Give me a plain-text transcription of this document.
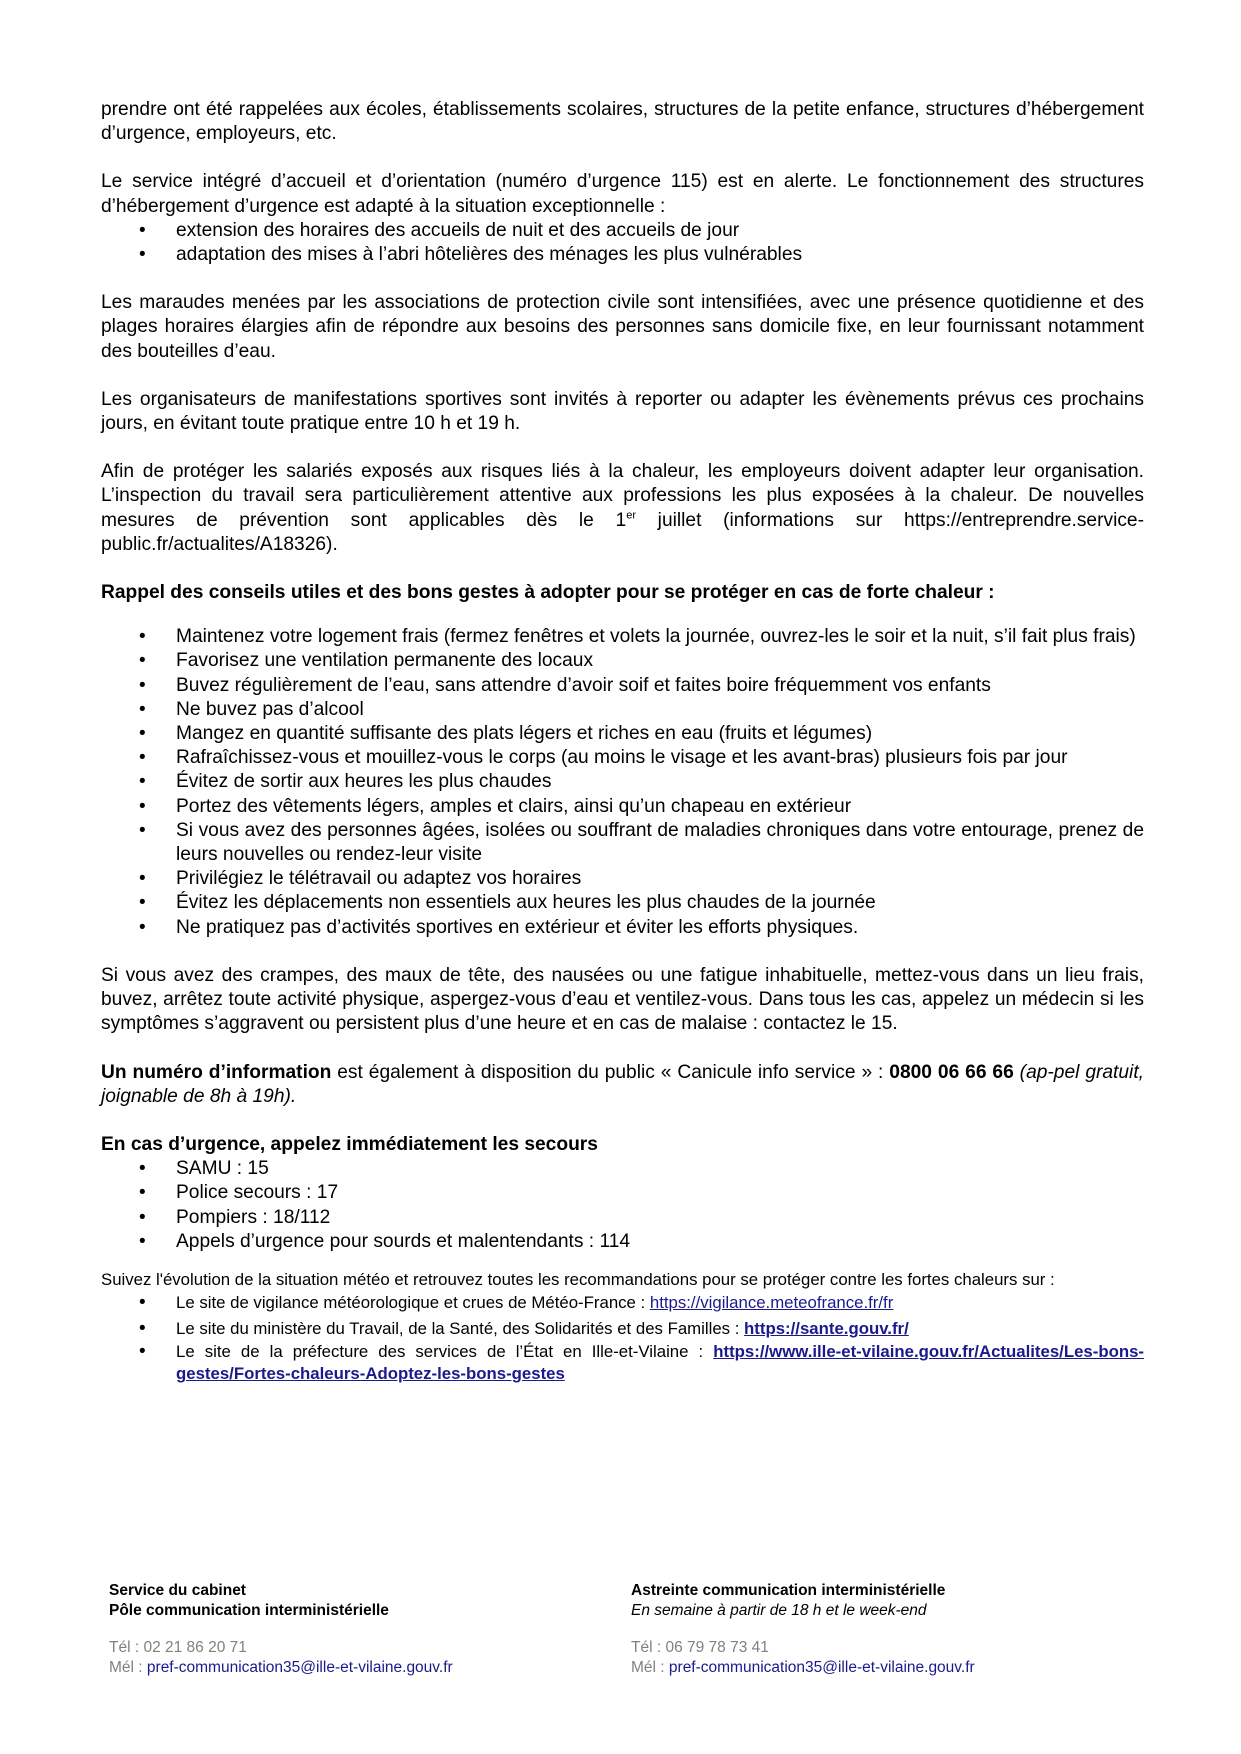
prendre ont été rappelées aux écoles, établissements scolaires, structures de la petite enfance, structures d’hébergement d’urgence, employeurs, etc.

Le service intégré d’accueil et d’orientation (numéro d’urgence 115) est en alerte. Le fonctionnement des structures d’hébergement d’urgence est adapté à la situation exceptionnelle :

• extension des horaires des accueils de nuit et des accueils de jour
• adaptation des mises à l’abri hôtelières des ménages les plus vulnérables

Les maraudes menées par les associations de protection civile sont intensifiées, avec une présence quotidienne et des plages horaires élargies afin de répondre aux besoins des personnes sans domicile fixe, en leur fournissant notamment des bouteilles d’eau.

Les organisateurs de manifestations sportives sont invités à reporter ou adapter les évènements prévus ces prochains jours, en évitant toute pratique entre 10 h et 19 h.

Afin de protéger les salariés exposés aux risques liés à la chaleur, les employeurs doivent adapter leur organisation. L’inspection du travail sera particulièrement attentive aux professions les plus exposées à la chaleur. De nouvelles mesures de prévention sont applicables dès le 1er juillet (informations sur https://entreprendre.service-public.fr/actualites/A18326).

Rappel des conseils utiles et des bons gestes à adopter pour se protéger en cas de forte chaleur :

• Maintenez votre logement frais (fermez fenêtres et volets la journée, ouvrez-les le soir et la nuit, s’il fait plus frais)
• Favorisez une ventilation permanente des locaux
• Buvez régulièrement de l’eau, sans attendre d’avoir soif et faites boire fréquemment vos enfants
• Ne buvez pas d’alcool
• Mangez en quantité suffisante des plats légers et riches en eau (fruits et légumes)
• Rafraîchissez-vous et mouillez-vous le corps (au moins le visage et les avant-bras) plusieurs fois par jour
• Évitez de sortir aux heures les plus chaudes
• Portez des vêtements légers, amples et clairs, ainsi qu’un chapeau en extérieur
• Si vous avez des personnes âgées, isolées ou souffrant de maladies chroniques dans votre entourage, prenez de leurs nouvelles ou rendez-leur visite
• Privilégiez le télétravail ou adaptez vos horaires
• Évitez les déplacements non essentiels aux heures les plus chaudes de la journée
• Ne pratiquez pas d’activités sportives en extérieur et éviter les efforts physiques.

Si vous avez des crampes, des maux de tête, des nausées ou une fatigue inhabituelle, mettez-vous dans un lieu frais, buvez, arrêtez toute activité physique, aspergez-vous d’eau et ventilez-vous. Dans tous les cas, appelez un médecin si les symptômes s’aggravent ou persistent plus d’une heure et en cas de malaise : contactez le 15.

Un numéro d’information est également à disposition du public « Canicule info service » : 0800 06 66 66 (ap-pel gratuit, joignable de 8h à 19h).

En cas d’urgence, appelez immédiatement les secours

• SAMU : 15
• Police secours : 17
• Pompiers : 18/112
• Appels d’urgence pour sourds et malentendants : 114

Suivez l'évolution de la situation météo et retrouvez toutes les recommandations pour se protéger contre les fortes chaleurs sur :

• Le site de vigilance météorologique et crues de Météo-France : https://vigilance.meteofrance.fr/fr
• Le site du ministère du Travail, de la Santé, des Solidarités et des Familles : https://sante.gouv.fr/
• Le site de la préfecture des services de l’État en Ille-et-Vilaine : https://www.ille-et-vilaine.gouv.fr/Actualites/Les-bons-gestes/Fortes-chaleurs-Adoptez-les-bons-gestes
Service du cabinet
Pôle communication interministérielle
Tél : 02 21 86 20 71
Mél : pref-communication35@ille-et-vilaine.gouv.fr
Astreinte communication interministérielle
En semaine à partir de 18 h et le week-end
Tél : 06 79 78 73 41
Mél : pref-communication35@ille-et-vilaine.gouv.fr
